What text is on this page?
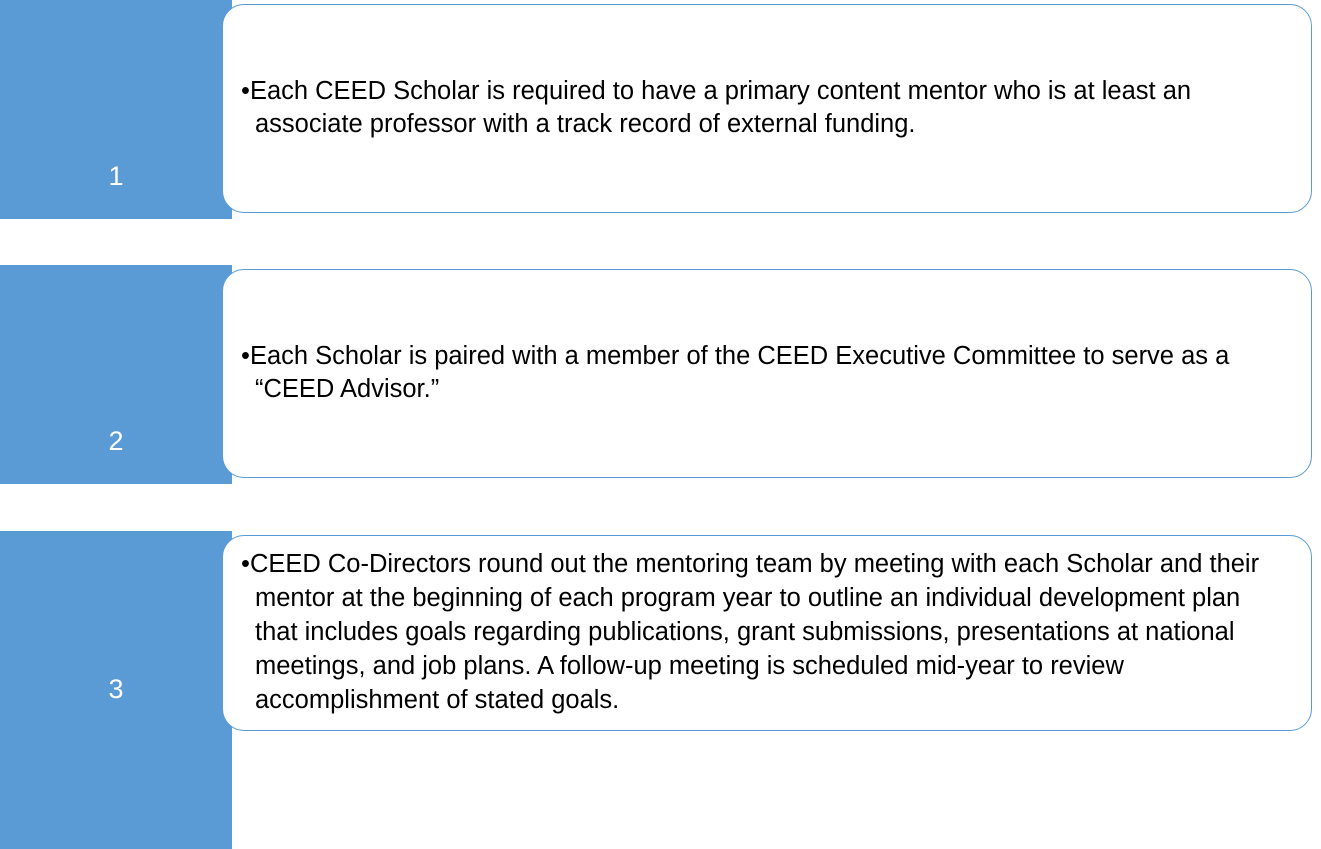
1
•Each CEED Scholar is required to have a primary content mentor who is at least an associate professor with a track record of external funding.
2
•Each Scholar is paired with a member of the CEED Executive Committee to serve as a “CEED Advisor.”
3
•CEED Co-Directors round out the mentoring team by meeting with each Scholar and their mentor at the beginning of each program year to outline an individual development plan that includes goals regarding publications, grant submissions, presentations at national meetings, and job plans. A follow-up meeting is scheduled mid-year to review accomplishment of stated goals.
